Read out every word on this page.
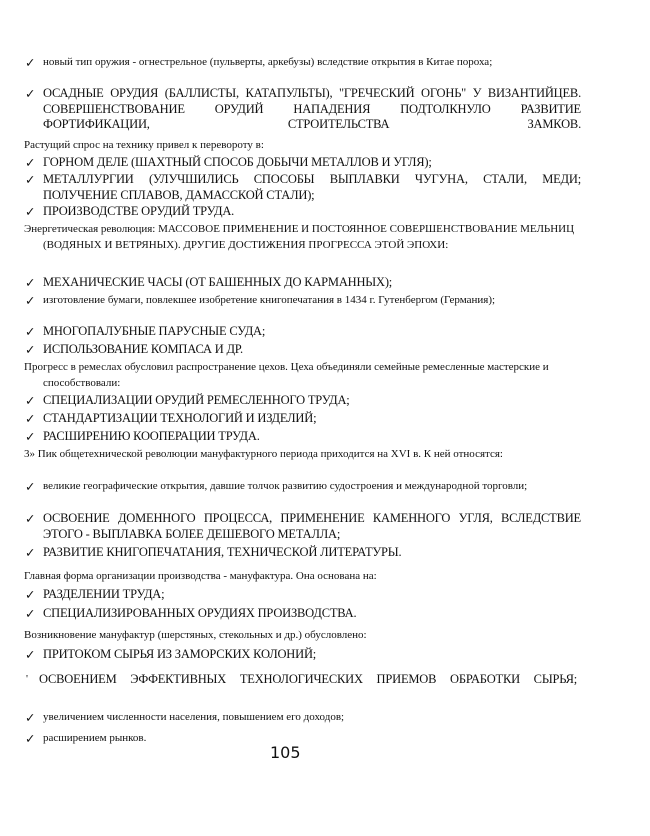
✓ новый тип оружия - огнестрельное (пульверты, аркебузы) вследствие открытия в Китае пороха;
✓ ОСАДНЫЕ ОРУДИЯ (БАЛЛИСТЫ, КАТАПУЛЬТЫ), "ГРЕЧЕСКИЙ ОГОНЬ" У ВИЗАНТИЙЦЕВ. СОВЕРШЕНСТВОВАНИЕ ОРУДИЙ НАПАДЕНИЯ ПОДТОЛКНУЛО РАЗВИТИЕ ФОРТИФИКАЦИИ, СТРОИТЕЛЬСТВА ЗАМКОВ.
Растущий спрос на технику привел к перевороту в:
✓ ГОРНОМ ДЕЛЕ (ШАХТНЫЙ СПОСОБ ДОБЫЧИ МЕТАЛЛОВ И УГЛЯ);
✓ МЕТАЛЛУРГИИ (УЛУЧШИЛИСЬ СПОСОБЫ ВЫПЛАВКИ ЧУГУНА, СТАЛИ, МЕДИ; ПОЛУЧЕНИЕ СПЛАВОВ, ДАМАССКОЙ СТАЛИ);
✓ ПРОИЗВОДСТВЕ ОРУДИЙ ТРУДА.
Энергетическая революция: МАССОВОЕ ПРИМЕНЕНИЕ И ПОСТОЯННОЕ СОВЕРШЕНСТВОВАНИЕ МЕЛЬНИЦ (ВОДЯНЫХ И ВЕТРЯНЫХ). ДРУГИЕ ДОСТИЖЕНИЯ ПРОГРЕССА ЭТОЙ ЭПОХИ:
✓ МЕХАНИЧЕСКИЕ ЧАСЫ (ОТ БАШЕННЫХ ДО КАРМАННЫХ);
✓ изготовление бумаги, повлекшее изобретение книгопечатания в 1434 г. Гутенбергом (Германия);
✓ МНОГОПАЛУБНЫЕ ПАРУСНЫЕ СУДА;
✓ ИСПОЛЬЗОВАНИЕ КОМПАСА И ДР.
Прогресс в ремеслах обусловил распространение цехов. Цеха объединяли семейные ремесленные мастерские и способствовали:
✓ СПЕЦИАЛИЗАЦИИ ОРУДИЙ РЕМЕСЛЕННОГО ТРУДА;
✓ СТАНДАРТИЗАЦИИ ТЕХНОЛОГИЙ И ИЗДЕЛИЙ;
✓ РАСШИРЕНИЮ КООПЕРАЦИИ ТРУДА.
3» Пик общетехнической революции мануфактурного периода приходится на XVI в. К ней относятся:
✓ великие географические открытия, давшие толчок развитию судостроения и международной торговли;
✓ ОСВОЕНИЕ ДОМЕННОГО ПРОЦЕССА, ПРИМЕНЕНИЕ КАМЕННОГО УГЛЯ, ВСЛЕДСТВИЕ ЭТОГО - ВЫПЛАВКА БОЛЕЕ ДЕШЕВОГО МЕТАЛЛА;
✓ РАЗВИТИЕ КНИГОПЕЧАТАНИЯ, ТЕХНИЧЕСКОЙ ЛИТЕРАТУРЫ.
Главная форма организации производства - мануфактура. Она основана на:
✓ РАЗДЕЛЕНИИ ТРУДА;
✓ СПЕЦИАЛИЗИРОВАННЫХ ОРУДИЯХ ПРОИЗВОДСТВА.
Возникновение мануфактур (шерстяных, стекольных и др.) обусловлено:
✓ ПРИТОКОМ СЫРЬЯ ИЗ ЗАМОРСКИХ КОЛОНИЙ;
' ОСВОЕНИЕМ ЭФФЕКТИВНЫХ ТЕХНОЛОГИЧЕСКИХ ПРИЕМОВ ОБРАБОТКИ СЫРЬЯ;
✓ увеличением численности населения, повышением его доходов;
✓ расширением рынков.
105
